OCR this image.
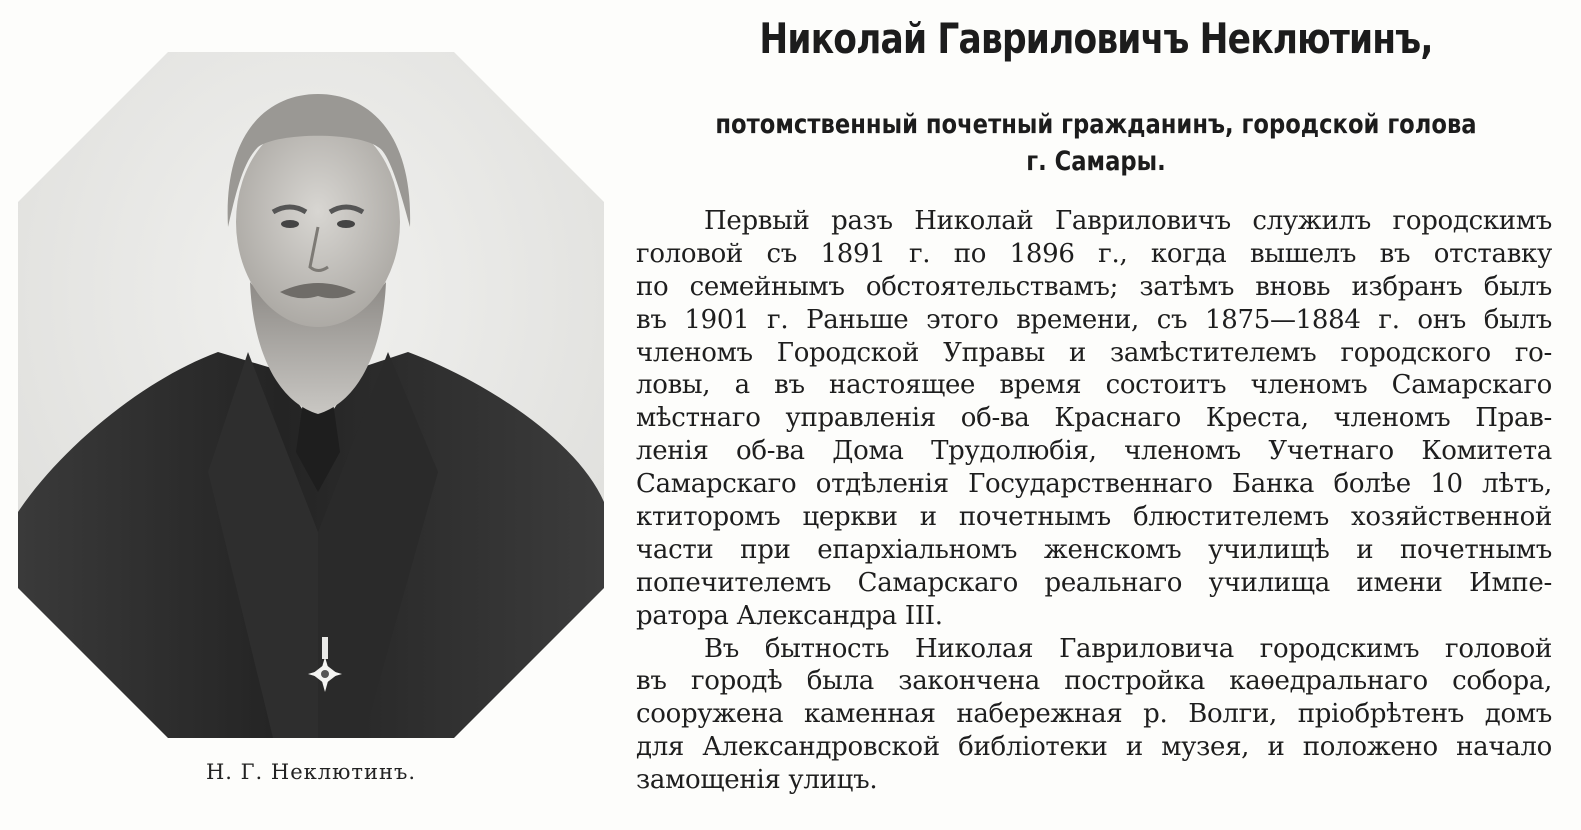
Н. Г. Неклютинъ.
Николай Гавриловичъ Неклютинъ,
потомственный почетный гражданинъ, городской голова
г. Самары.
Первый разъ Николай Гавриловичъ служилъ городскимъ
головой съ 1891 г. по 1896 г., когда вышелъ въ отставку
по семейнымъ обстоятельствамъ; затѣмъ вновь избранъ былъ
въ 1901 г. Раньше этого времени, съ 1875—1884 г. онъ былъ
членомъ Городской Управы и замѣстителемъ городского го-
ловы, а въ настоящее время состоитъ членомъ Самарскаго
мѣстнаго управленія об-ва Краснаго Креста, членомъ Прав-
ленія об-ва Дома Трудолюбія, членомъ Учетнаго Комитета
Самарскаго отдѣленія Государственнаго Банка болѣе 10 лѣтъ,
ктиторомъ церкви и почетнымъ блюстителемъ хозяйственной
части при епархіальномъ женскомъ училищѣ и почетнымъ
попечителемъ Самарскаго реальнаго училища имени Импе-
ратора Александра III.
Въ бытность Николая Гавриловича городскимъ головой
въ городѣ была закончена постройка каѳедральнаго собора,
сооружена каменная набережная р. Волги, пріобрѣтенъ домъ
для Александровской библіотеки и музея, и положено начало
замощенія улицъ.
